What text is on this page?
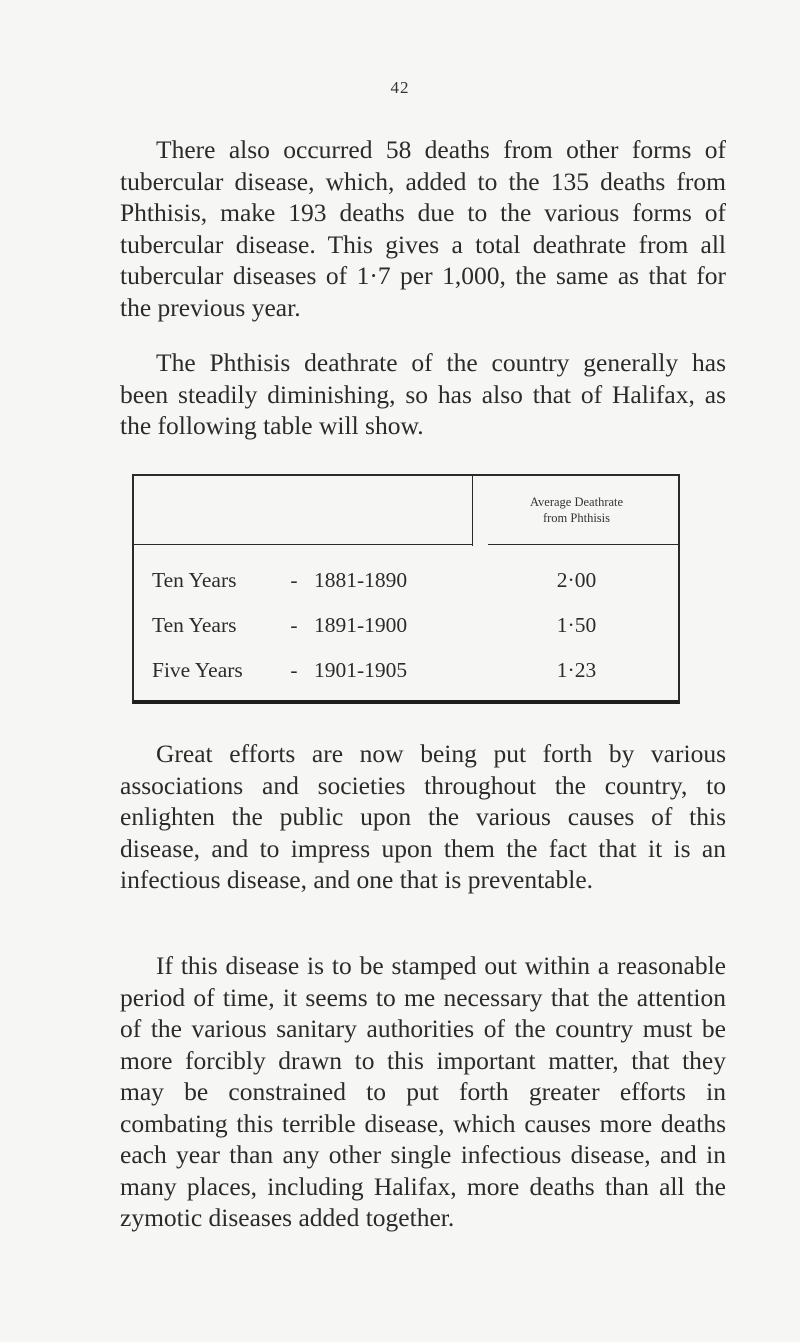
42

There also occurred 58 deaths from other forms of tubercular disease, which, added to the 135 deaths from Phthisis, make 193 deaths due to the various forms of tubercular disease. This gives a total deathrate from all tubercular diseases of 1·7 per 1,000, the same as that for the previous year.

The Phthisis deathrate of the country generally has been steadily diminishing, so has also that of Halifax, as the following table will show.

Average Deathrate
from Phthisis
Ten Years	- 1881-1890	2·00
Ten Years	- 1891-1900	1·50
Five Years	- 1901-1905	1·23

Great efforts are now being put forth by various associations and societies throughout the country, to enlighten the public upon the various causes of this disease, and to impress upon them the fact that it is an infectious disease, and one that is preventable.

If this disease is to be stamped out within a reasonable period of time, it seems to me necessary that the attention of the various sanitary authorities of the country must be more forcibly drawn to this important matter, that they may be constrained to put forth greater efforts in combating this terrible disease, which causes more deaths each year than any other single infectious disease, and in many places, including Halifax, more deaths than all the zymotic diseases added together.
